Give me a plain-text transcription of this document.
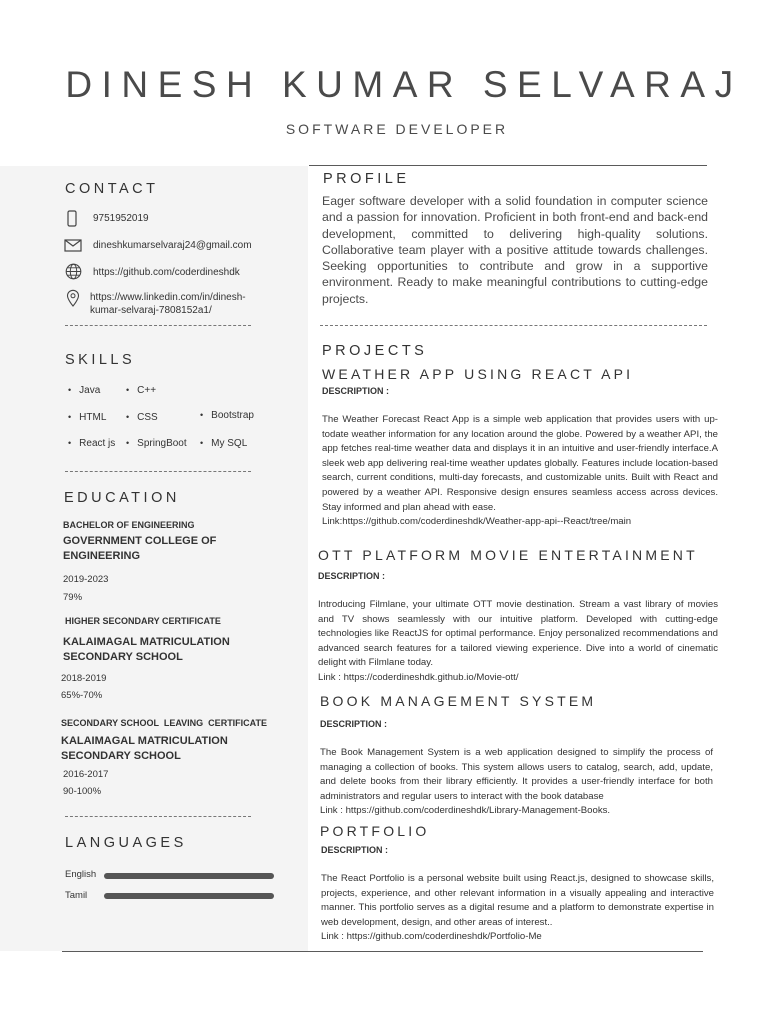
DINESH KUMAR SELVARAJ
SOFTWARE DEVELOPER
CONTACT
9751952019
dineshkumarselvaraj24@gmail.com
https://github.com/coderdineshdk
https://www.linkedin.com/in/dinesh-
kumar-selvaraj-7808152a1/
SKILLS
• Java	• C++
• HTML	• CSS	• Bootstrap
• React js	• SpringBoot	• My SQL
EDUCATION
BACHELOR OF ENGINEERING
GOVERNMENT COLLEGE OF ENGINEERING
2019-2023
79%
HIGHER SECONDARY CERTIFICATE
KALAIMAGAL MATRICULATION SECONDARY SCHOOL
2018-2019
65%-70%
SECONDARY SCHOOL  LEAVING  CERTIFICATE
KALAIMAGAL MATRICULATION SECONDARY SCHOOL
2016-2017
90-100%
LANGUAGES
English
Tamil
PROFILE
Eager software developer with a solid foundation in computer science and a passion for innovation. Proficient in both front-end and back-end development, committed to delivering high-quality solutions. Collaborative team player with a positive attitude towards challenges. Seeking opportunities to contribute and grow in a supportive environment. Ready to make meaningful contributions to cutting-edge projects.
PROJECTS
WEATHER APP USING REACT API
DESCRIPTION :
The Weather Forecast React App is a simple web application that provides users with up-todate weather information for any location around the globe. Powered by a weather API, the app fetches real-time weather data and displays it in an intuitive and user-friendly interface.A sleek web app delivering real-time weather updates globally. Features include location-based search, current conditions, multi-day forecasts, and customizable units. Built with React and powered by a weather API. Responsive design ensures seamless access across devices. Stay informed and plan ahead with ease.
Link:https://github.com/coderdineshdk/Weather-app-api--React/tree/main
OTT PLATFORM MOVIE ENTERTAINMENT
DESCRIPTION :
Introducing Filmlane, your ultimate OTT movie destination. Stream a vast library of movies and TV shows seamlessly with our intuitive platform. Developed with cutting-edge technologies like ReactJS for optimal performance. Enjoy personalized recommendations and advanced search features for a tailored viewing experience. Dive into a world of cinematic delight with Filmlane today.
Link : https://coderdineshdk.github.io/Movie-ott/
BOOK MANAGEMENT SYSTEM
DESCRIPTION :
The Book Management System is a web application designed to simplify the process of managing a collection of books. This system allows users to catalog, search, add, update, and delete books from their library efficiently. It provides a user-friendly interface for both administrators and regular users to interact with the book database
Link : https://github.com/coderdineshdk/Library-Management-Books.
PORTFOLIO
DESCRIPTION :
The React Portfolio is a personal website built using React.js, designed to showcase skills, projects, experience, and other relevant information in a visually appealing and interactive manner. This portfolio serves as a digital resume and a platform to demonstrate expertise in web development, design, and other areas of interest..
Link : https://github.com/coderdineshdk/Portfolio-Me
